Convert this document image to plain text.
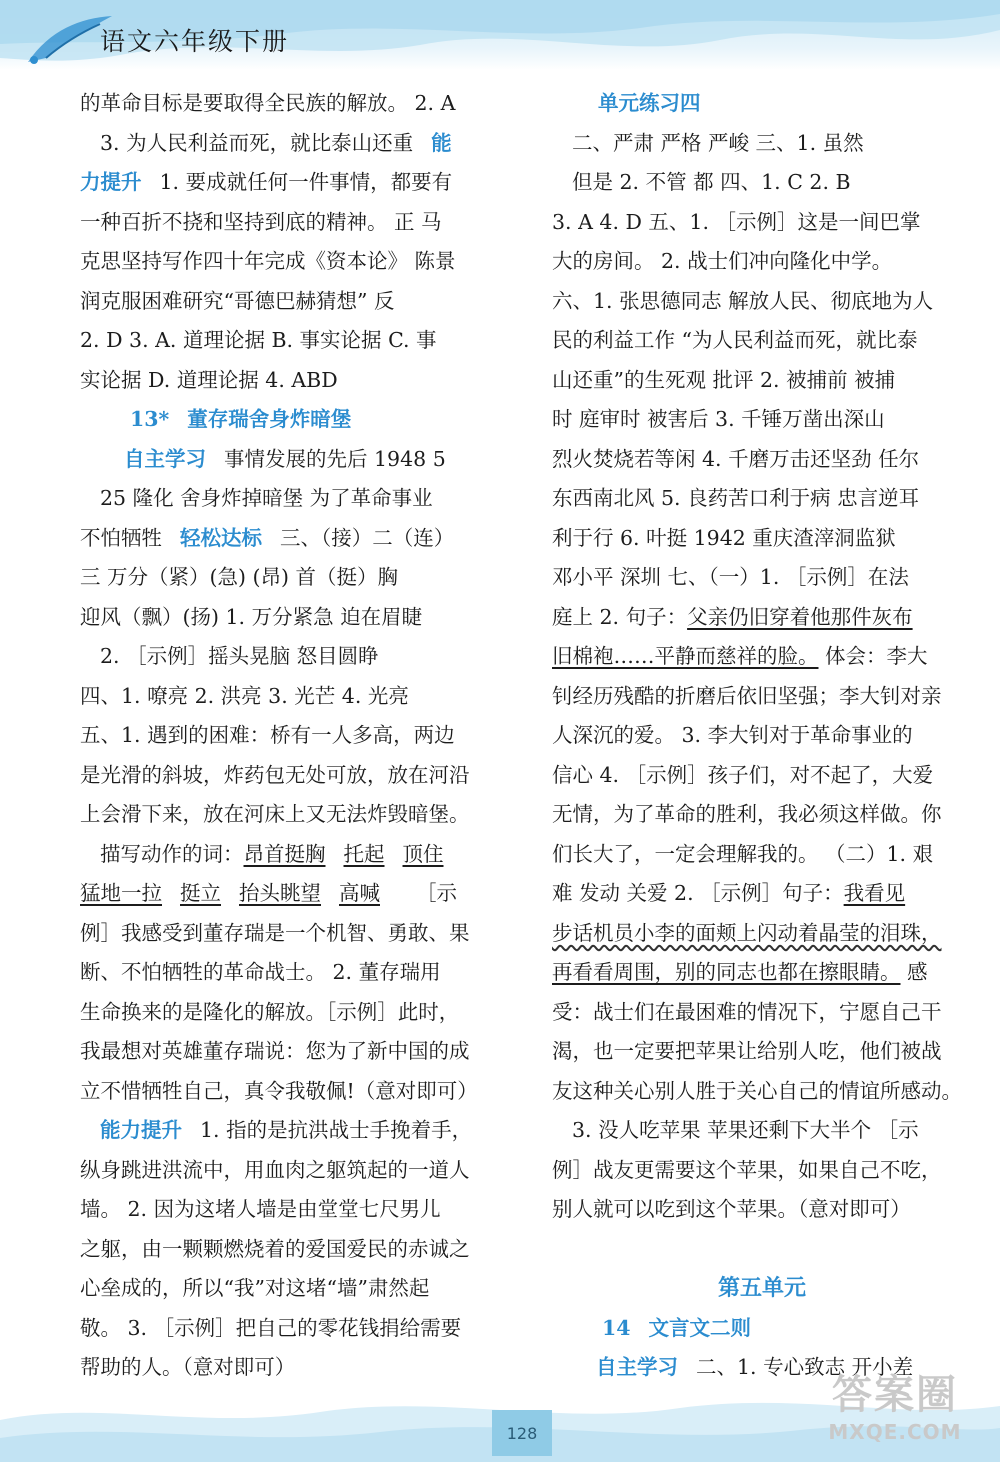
语文六年级下册
的革命目标是要取得全民族的解放。 2. A
3. 为人民利益而死，就比泰山还重 能
力提升 1. 要成就任何一件事情，都要有
一种百折不挠和坚持到底的精神。 正 马
克思坚持写作四十年完成《资本论》 陈景
润克服困难研究“哥德巴赫猜想” 反
2. D 3. A. 道理论据 B. 事实论据 C. 事
实论据 D. 道理论据 4. ABD
13* 董存瑞舍身炸暗堡
自主学习 事情发展的先后 1948 5
25 隆化 舍身炸掉暗堡 为了革命事业
不怕牺牲 轻松达标 三、（接）二（连）
三 万分（紧）(急) (昂) 首（挺）胸
迎风（飘）(扬) 1. 万分紧急 迫在眉睫
2. ［示例］摇头晃脑 怒目圆睁
四、1. 嘹亮 2. 洪亮 3. 光芒 4. 光亮
五、1. 遇到的困难：桥有一人多高，两边
是光滑的斜坡，炸药包无处可放，放在河沿
上会滑下来，放在河床上又无法炸毁暗堡。
描写动作的词：昂首挺胸 托起 顶住
猛地一拉 挺立 抬头眺望 高喊 ［示
例］我感受到董存瑞是一个机智、勇敢、果
断、不怕牺牲的革命战士。 2. 董存瑞用
生命换来的是隆化的解放。［示例］此时，
我最想对英雄董存瑞说：您为了新中国的成
立不惜牺牲自己，真令我敬佩!（意对即可）
能力提升 1. 指的是抗洪战士手挽着手，
纵身跳进洪流中，用血肉之躯筑起的一道人
墙。 2. 因为这堵人墙是由堂堂七尺男儿
之躯，由一颗颗燃烧着的爱国爱民的赤诚之
心垒成的，所以“我”对这堵“墙”肃然起
敬。 3. ［示例］把自己的零花钱捐给需要
帮助的人。（意对即可）
单元练习四
二、严肃 严格 严峻 三、1. 虽然
但是 2. 不管 都 四、1. C 2. B
3. A 4. D 五、1. ［示例］这是一间巴掌
大的房间。 2. 战士们冲向隆化中学。
六、1. 张思德同志 解放人民、彻底地为人
民的利益工作 “为人民利益而死，就比泰
山还重”的生死观 批评 2. 被捕前 被捕
时 庭审时 被害后 3. 千锤万凿出深山
烈火焚烧若等闲 4. 千磨万击还坚劲 任尔
东西南北风 5. 良药苦口利于病 忠言逆耳
利于行 6. 叶挺 1942 重庆渣滓洞监狱
邓小平 深圳 七、（一）1. ［示例］在法
庭上 2. 句子：父亲仍旧穿着他那件灰布
旧棉袍……平静而慈祥的脸。 体会：李大
钊经历残酷的折磨后依旧坚强；李大钊对亲
人深沉的爱。 3. 李大钊对于革命事业的
信心 4. ［示例］孩子们，对不起了，大爱
无情，为了革命的胜利，我必须这样做。你
们长大了，一定会理解我的。 （二）1. 艰
难 发动 关爱 2. ［示例］句子：我看见
步话机员小李的面颊上闪动着晶莹的泪珠，
再看看周围，别的同志也都在擦眼睛。 感
受：战士们在最困难的情况下，宁愿自己干
渴，也一定要把苹果让给别人吃，他们被战
友这种关心别人胜于关心自己的情谊所感动。
3. 没人吃苹果 苹果还剩下大半个 ［示
例］战友更需要这个苹果，如果自己不吃，
别人就可以吃到这个苹果。（意对即可）
第五单元
14 文言文二则
自主学习 二、1. 专心致志 开小差
128
答案圈
MXQE.COM
